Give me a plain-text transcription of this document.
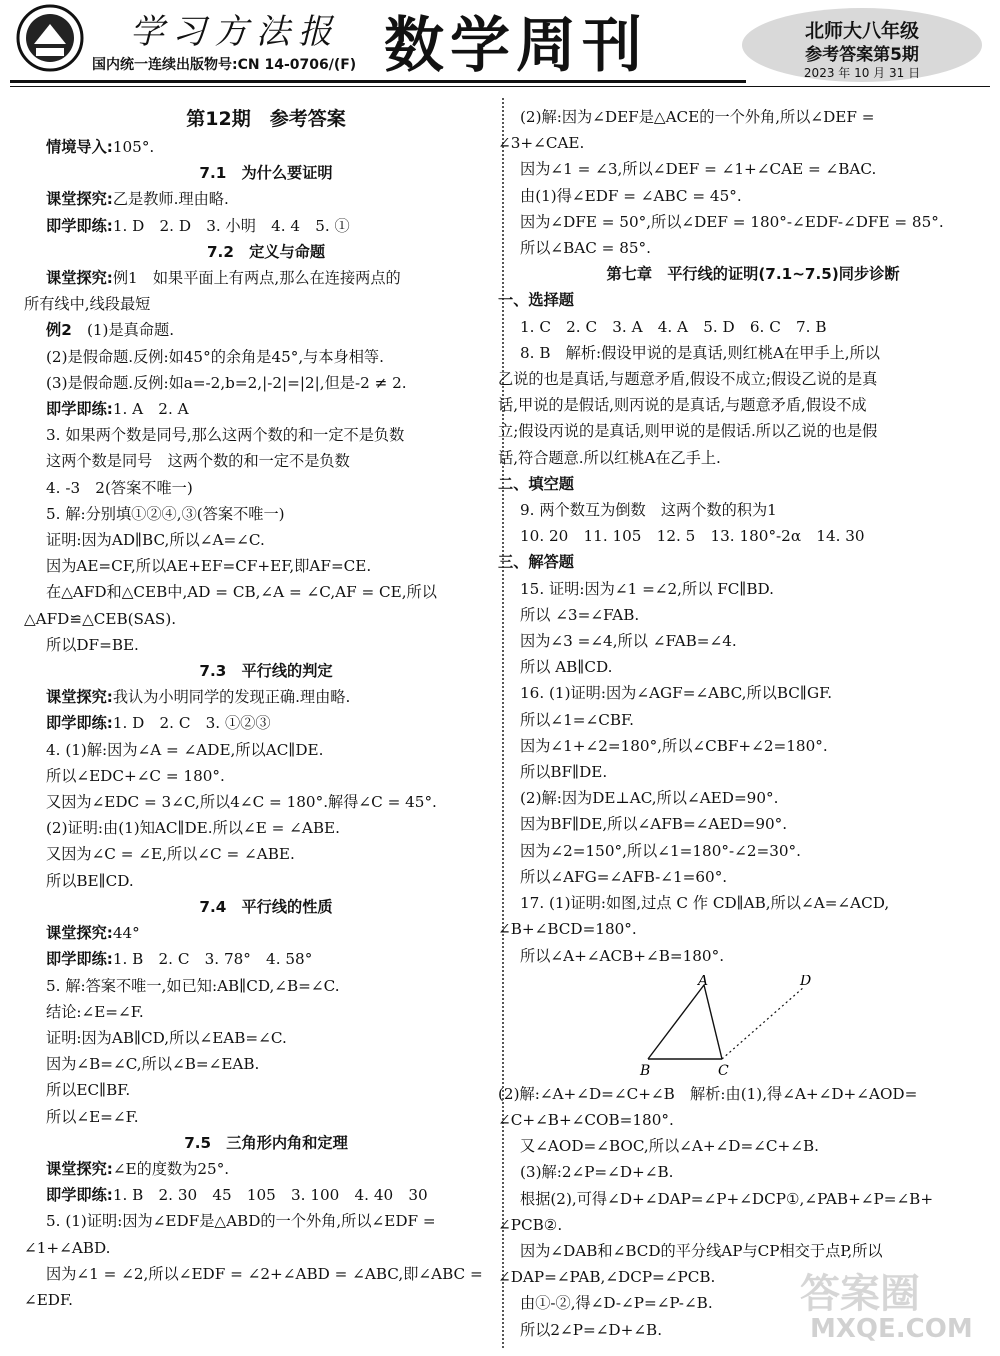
学习方法报
国内统一连续出版物号:CN 14-0706/(F) 数学周刊	北师大八年级
参考答案第5期
2023 年 10 月 31 日
第12期　参考答案
情境导入:105°.
7.1　为什么要证明
课堂探究:乙是教师.理由略.
即学即练:1. D　2. D　3. 小明　4. 4　5. ①
7.2　定义与命题
课堂探究:例1　如果平面上有两点,那么在连接两点的
所有线中,线段最短
例2　(1)是真命题.
(2)是假命题.反例:如45°的余角是45°,与本身相等.
(3)是假命题.反例:如a=-2,b=2,|-2|=|2|,但是-2 ≠ 2.
即学即练:1. A　2. A
3. 如果两个数是同号,那么这两个数的和一定不是负数
这两个数是同号　这两个数的和一定不是负数
4. -3　2(答案不唯一)
5. 解:分别填①②④,③(答案不唯一)
证明:因为AD∥BC,所以∠A=∠C.
因为AE=CF,所以AE+EF=CF+EF,即AF=CE.
在△AFD和△CEB中,AD = CB,∠A = ∠C,AF = CE,所以
△AFD≌△CEB(SAS).
所以DF=BE.
7.3　平行线的判定
课堂探究:我认为小明同学的发现正确.理由略.
即学即练:1. D　2. C　3. ①②③
4. (1)解:因为∠A = ∠ADE,所以AC∥DE.
所以∠EDC+∠C = 180°.
又因为∠EDC = 3∠C,所以4∠C = 180°.解得∠C = 45°.
(2)证明:由(1)知AC∥DE.所以∠E = ∠ABE.
又因为∠C = ∠E,所以∠C = ∠ABE.
所以BE∥CD.
7.4　平行线的性质
课堂探究:44°
即学即练:1. B　2. C　3. 78°　4. 58°
5. 解:答案不唯一,如已知:AB∥CD,∠B=∠C.
结论:∠E=∠F.
证明:因为AB∥CD,所以∠EAB=∠C.
因为∠B=∠C,所以∠B=∠EAB.
所以EC∥BF.
所以∠E=∠F.
7.5　三角形内角和定理
课堂探究:∠E的度数为25°.
即学即练:1. B　2. 30　45　105　3. 100　4. 40　30
5. (1)证明:因为∠EDF是△ABD的一个外角,所以∠EDF =
∠1+∠ABD.
因为∠1 = ∠2,所以∠EDF = ∠2+∠ABD = ∠ABC,即∠ABC =
∠EDF.
(2)解:因为∠DEF是△ACE的一个外角,所以∠DEF =
∠3+∠CAE.
因为∠1 = ∠3,所以∠DEF = ∠1+∠CAE = ∠BAC.
由(1)得∠EDF = ∠ABC = 45°.
因为∠DFE = 50°,所以∠DEF = 180°-∠EDF-∠DFE = 85°.
所以∠BAC = 85°.
第七章　平行线的证明(7.1~7.5)同步诊断
一、选择题
1. C　2. C　3. A　4. A　5. D　6. C　7. B
8. B　解析:假设甲说的是真话,则红桃A在甲手上,所以
乙说的也是真话,与题意矛盾,假设不成立;假设乙说的是真
话,甲说的是假话,则丙说的是真话,与题意矛盾,假设不成
立;假设丙说的是真话,则甲说的是假话.所以乙说的也是假
话,符合题意.所以红桃A在乙手上.
二、填空题
9. 两个数互为倒数　这两个数的积为1
10. 20　11. 105　12. 5　13. 180°-2α　14. 30
三、解答题
15. 证明:因为∠1 =∠2,所以 FC∥BD.
所以 ∠3=∠FAB.
因为∠3 =∠4,所以 ∠FAB=∠4.
所以 AB∥CD.
16. (1)证明:因为∠AGF=∠ABC,所以BC∥GF.
所以∠1=∠CBF.
因为∠1+∠2=180°,所以∠CBF+∠2=180°.
所以BF∥DE.
(2)解:因为DE⊥AC,所以∠AED=90°.
因为BF∥DE,所以∠AFB=∠AED=90°.
因为∠2=150°,所以∠1=180°-∠2=30°.
所以∠AFG=∠AFB-∠1=60°.
17. (1)证明:如图,过点 C 作 CD∥AB,所以∠A=∠ACD,
∠B+∠BCD=180°.
所以∠A+∠ACB+∠B=180°.
A
B	C
D
(2)解:∠A+∠D=∠C+∠B　解析:由(1),得∠A+∠D+∠AOD=
∠C+∠B+∠COB=180°.
又∠AOD=∠BOC,所以∠A+∠D=∠C+∠B.
(3)解:2∠P=∠D+∠B.
根据(2),可得∠D+∠DAP=∠P+∠DCP①,∠PAB+∠P=∠B+
∠PCB②.
因为∠DAB和∠BCD的平分线AP与CP相交于点P,所以
∠DAP=∠PAB,∠DCP=∠PCB.
由①-②,得∠D-∠P=∠P-∠B.
所以2∠P=∠D+∠B.
答案圈
MXQE.COM
